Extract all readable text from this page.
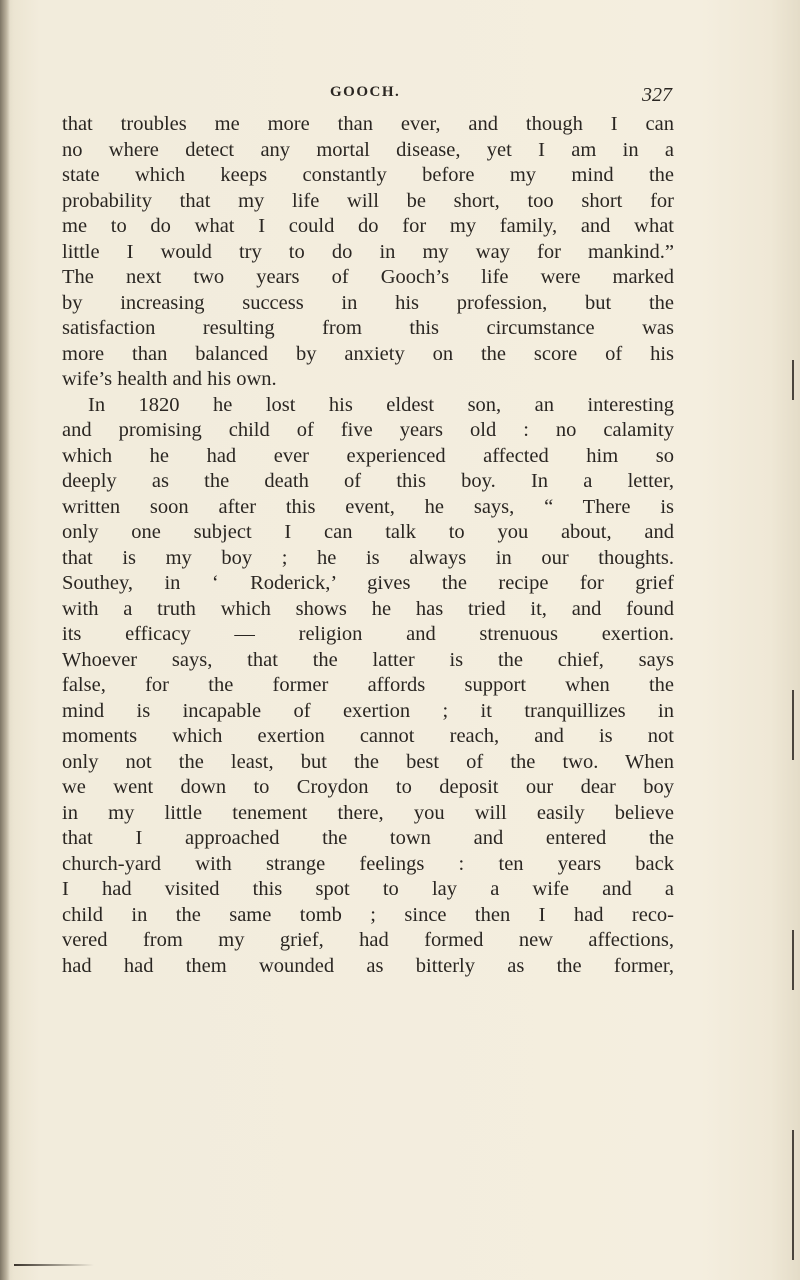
GOOCH.	327
that troubles me more than ever, and though I can
no where detect any mortal disease, yet I am in a
state which keeps constantly before my mind the
probability that my life will be short, too short for
me to do what I could do for my family, and what
little I would try to do in my way for mankind.”
The next two years of Gooch’s life were marked
by increasing success in his profession, but the
satisfaction resulting from this circumstance was
more than balanced by anxiety on the score of his
wife’s health and his own.
In 1820 he lost his eldest son, an interesting
and promising child of five years old : no calamity
which he had ever experienced affected him so
deeply as the death of this boy. In a letter,
written soon after this event, he says, “ There is
only one subject I can talk to you about, and
that is my boy ; he is always in our thoughts.
Southey, in ‘ Roderick,’ gives the recipe for grief
with a truth which shows he has tried it, and found
its efficacy — religion and strenuous exertion.
Whoever says, that the latter is the chief, says
false, for the former affords support when the
mind is incapable of exertion ; it tranquillizes in
moments which exertion cannot reach, and is not
only not the least, but the best of the two. When
we went down to Croydon to deposit our dear boy
in my little tenement there, you will easily believe
that I approached the town and entered the
church-yard with strange feelings : ten years back
I had visited this spot to lay a wife and a
child in the same tomb ; since then I had reco-
vered from my grief, had formed new affections,
had had them wounded as bitterly as the former,
